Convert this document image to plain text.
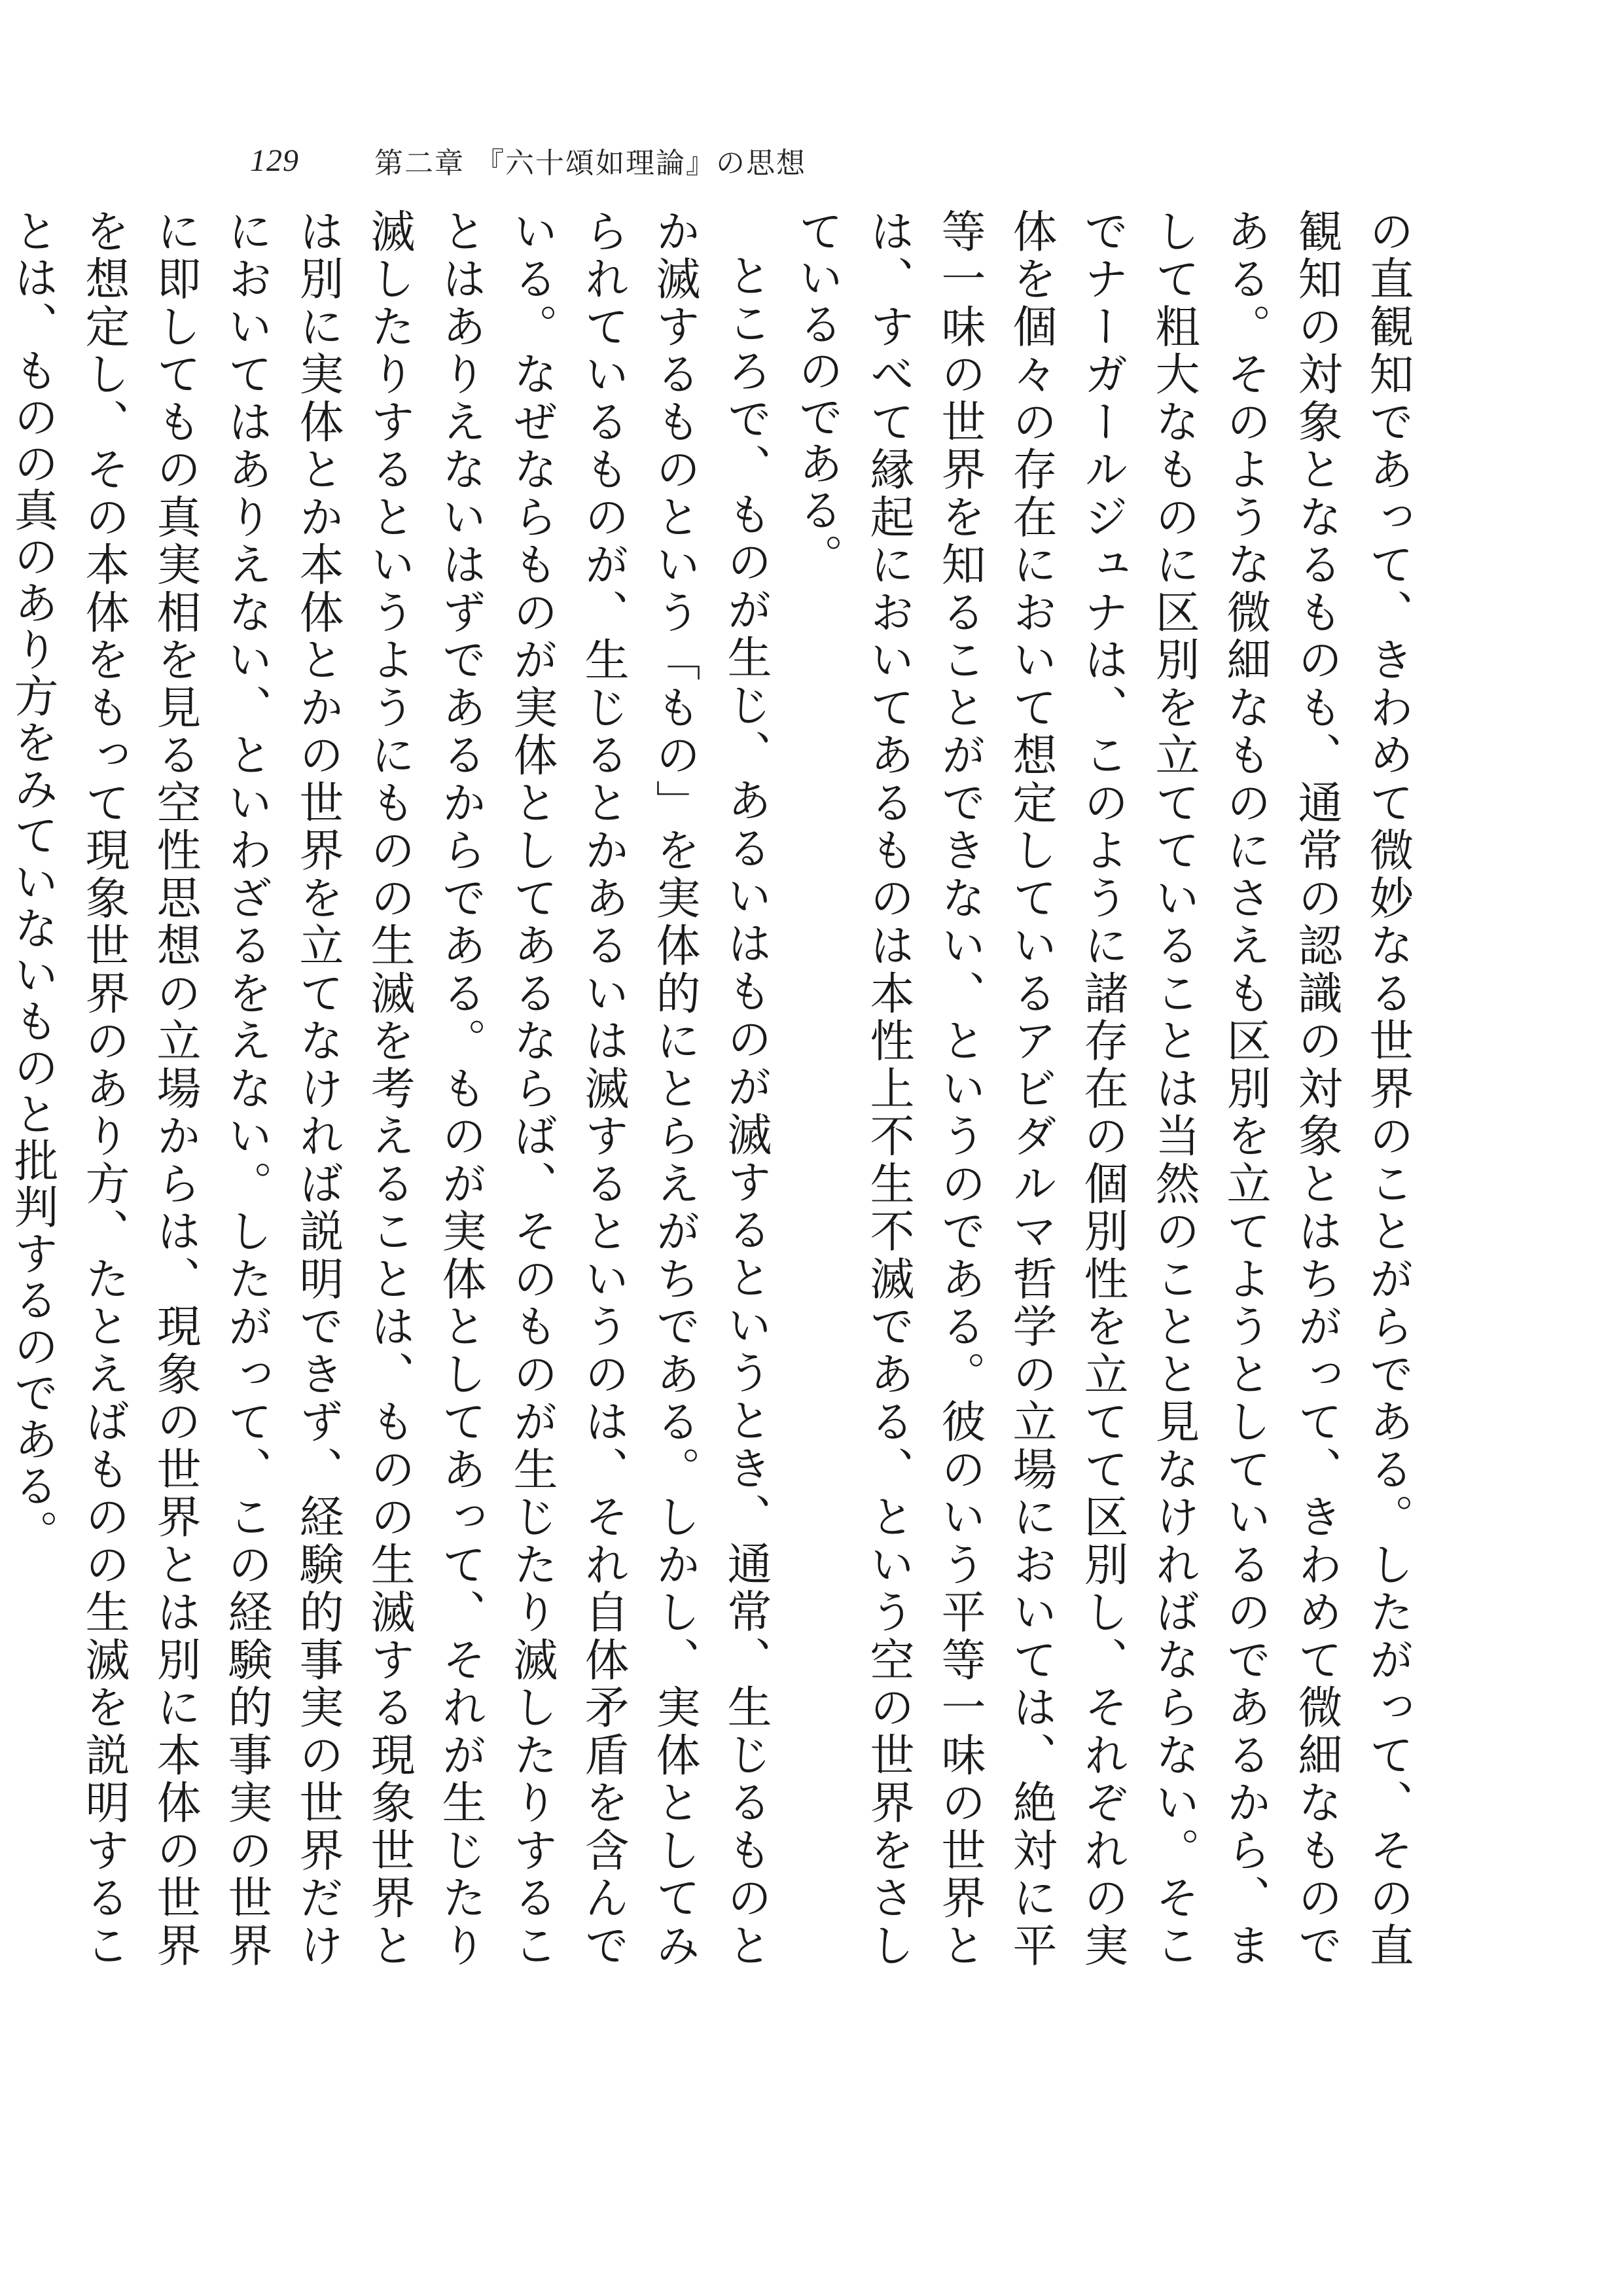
129	第二章 『六十頌如理論』の思想

の直観知であって、きわめて微妙なる世界のことがらである。したがって、その直観知の対象となるものも、通常の認識の対象とはちがって、きわめて微細なものである。そのような微細なものにさえも区別を立てようとしているのであるから、まして粗大なものに区別を立てていることは当然のことと見なければならない。そこでナーガールジュナは、このように諸存在の個別性を立てて区別し、それぞれの実体を個々の存在において想定しているアビダルマ哲学の立場においては、絶対に平等一味の世界を知ることができない、というのである。彼のいう平等一味の世界とは、すべて縁起においてあるものは本性上不生不滅である、という空の世界をさしているのである。

ところで、ものが生じ、あるいはものが滅するというとき、通常、生じるものとか滅するものという「もの」を実体的にとらえがちである。しかし、実体としてみられているものが、生じるとかあるいは滅するというのは、それ自体矛盾を含んでいる。なぜならものが実体としてあるならば、そのものが生じたり滅したりすることはありえないはずであるからである。ものが実体としてあって、それが生じたり滅したりするというようにものの生滅を考えることは、ものの生滅する現象世界とは別に実体とか本体とかの世界を立てなければ説明できず、経験的事実の世界だけにおいてはありえない、といわざるをえない。したがって、この経験的事実の世界に即してもの真実相を見る空性思想の立場からは、現象の世界とは別に本体の世界を想定し、その本体をもって現象世界のあり方、たとえばものの生滅を説明することは、ものの真のあり方をみていないものと批判するのである。
